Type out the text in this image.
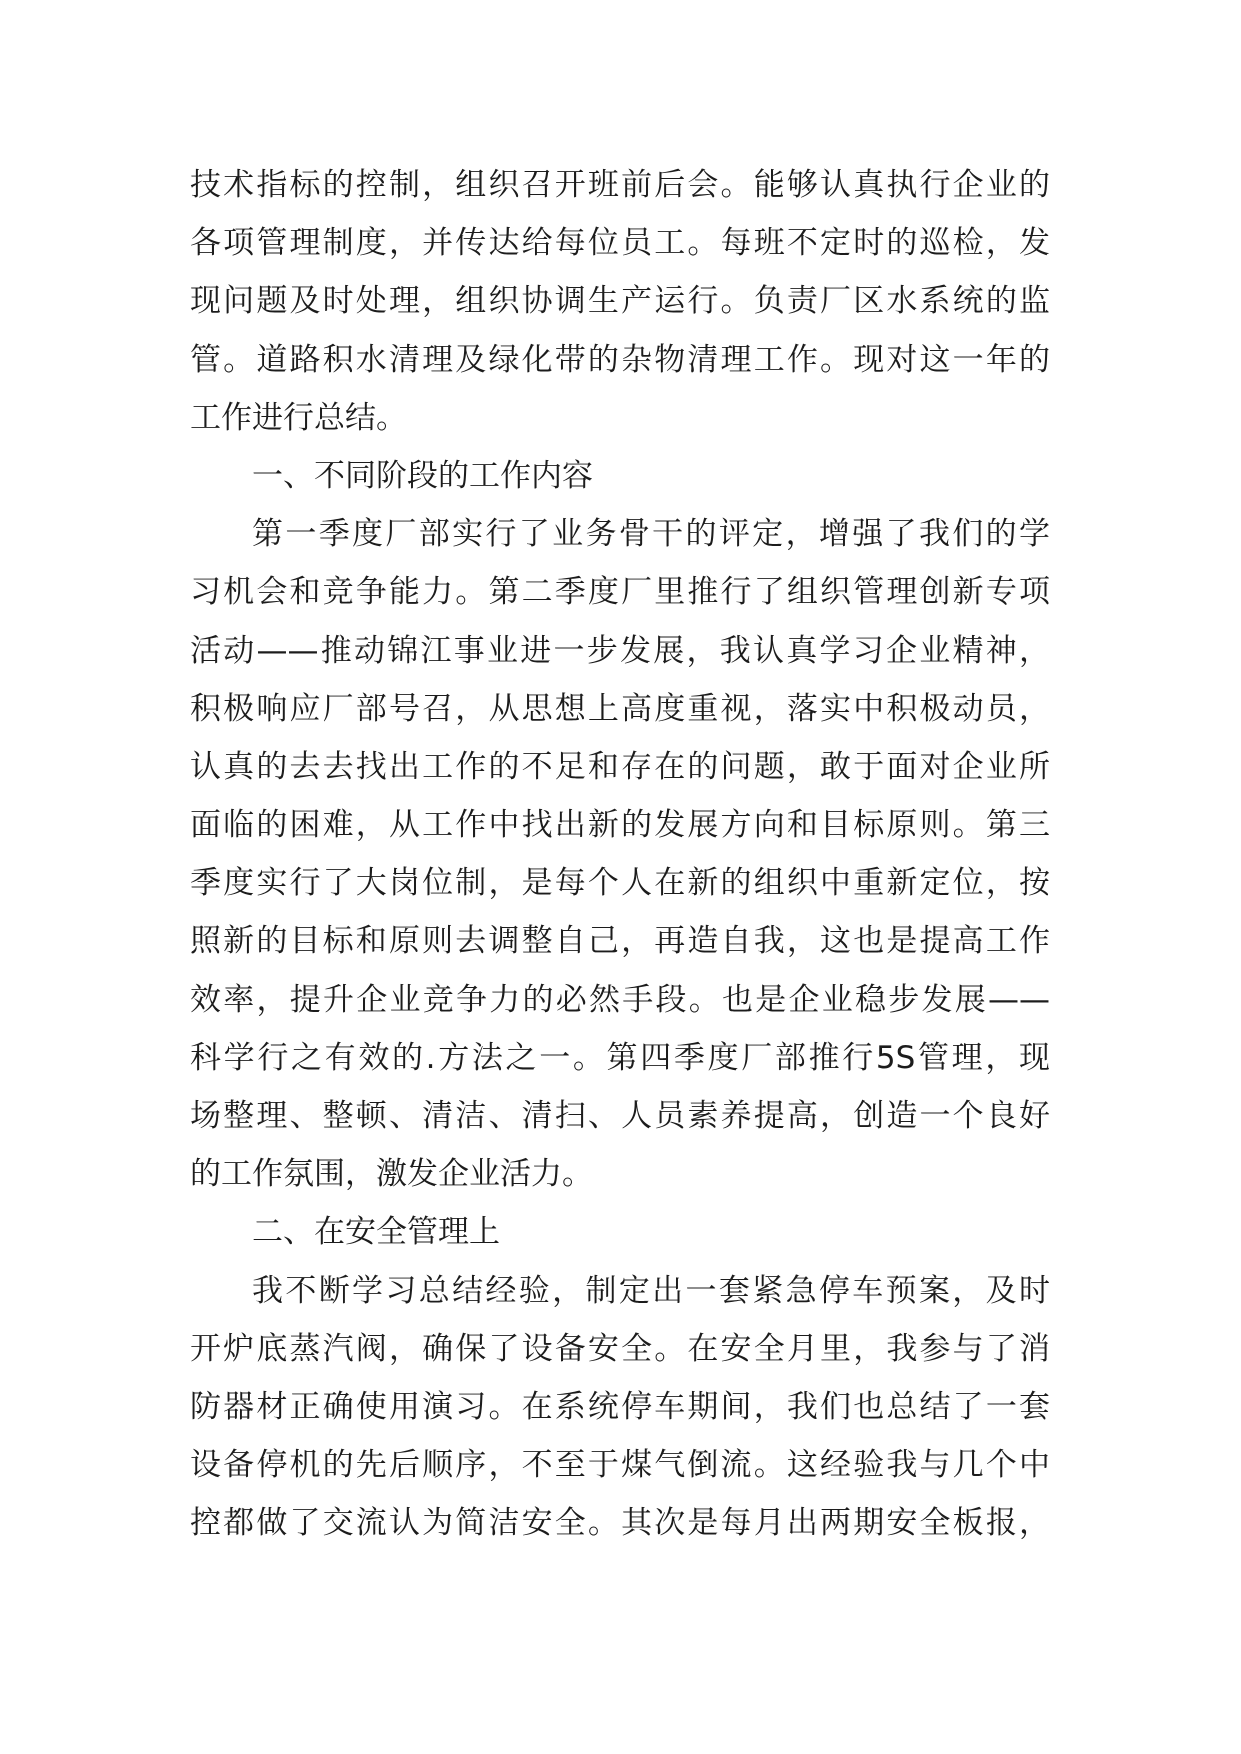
技术指标的控制，组织召开班前后会。能够认真执行企业的
各项管理制度，并传达给每位员工。每班不定时的巡检，发
现问题及时处理，组织协调生产运行。负责厂区水系统的监
管。道路积水清理及绿化带的杂物清理工作。现对这一年的
工作进行总结。
一、不同阶段的工作内容
第一季度厂部实行了业务骨干的评定，增强了我们的学
习机会和竞争能力。第二季度厂里推行了组织管理创新专项
活动——推动锦江事业进一步发展，我认真学习企业精神，
积极响应厂部号召，从思想上高度重视，落实中积极动员，
认真的去去找出工作的不足和存在的问题，敢于面对企业所
面临的困难，从工作中找出新的发展方向和目标原则。第三
季度实行了大岗位制，是每个人在新的组织中重新定位，按
照新的目标和原则去调整自己，再造自我，这也是提高工作
效率，提升企业竞争力的必然手段。也是企业稳步发展——
科学行之有效的.方法之一。第四季度厂部推行5S管理，现
场整理、整顿、清洁、清扫、人员素养提高，创造一个良好
的工作氛围，激发企业活力。
二、在安全管理上
我不断学习总结经验，制定出一套紧急停车预案，及时
开炉底蒸汽阀，确保了设备安全。在安全月里，我参与了消
防器材正确使用演习。在系统停车期间，我们也总结了一套
设备停机的先后顺序，不至于煤气倒流。这经验我与几个中
控都做了交流认为简洁安全。其次是每月出两期安全板报，
